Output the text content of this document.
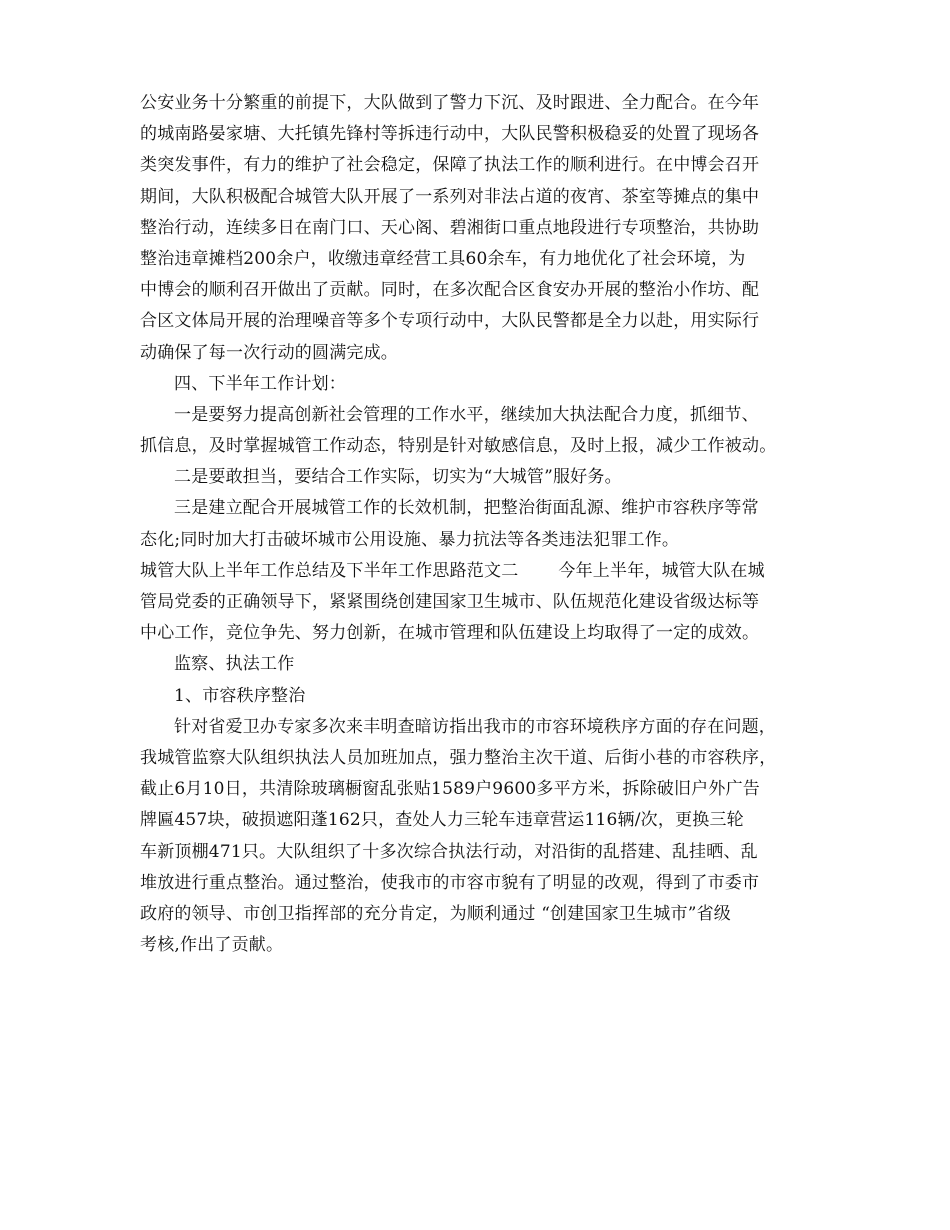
公安业务十分繁重的前提下，大队做到了警力下沉、及时跟进、全力配合。在今年
的城南路晏家塘、大托镇先锋村等拆违行动中，大队民警积极稳妥的处置了现场各
类突发事件，有力的维护了社会稳定，保障了执法工作的顺利进行。在中博会召开
期间，大队积极配合城管大队开展了一系列对非法占道的夜宵、茶室等摊点的集中
整治行动，连续多日在南门口、天心阁、碧湘街口重点地段进行专项整治，共协助
整治违章摊档200余户，收缴违章经营工具60余车，有力地优化了社会环境，为
中博会的顺利召开做出了贡献。同时，在多次配合区食安办开展的整治小作坊、配
合区文体局开展的治理噪音等多个专项行动中，大队民警都是全力以赴，用实际行
动确保了每一次行动的圆满完成。
四、下半年工作计划：
一是要努力提高创新社会管理的工作水平，继续加大执法配合力度，抓细节、
抓信息，及时掌握城管工作动态，特别是针对敏感信息，及时上报，减少工作被动。
二是要敢担当，要结合工作实际，切实为“大城管”服好务。
三是建立配合开展城管工作的长效机制，把整治街面乱源、维护市容秩序等常
态化;同时加大打击破坏城市公用设施、暴力抗法等各类违法犯罪工作。
城管大队上半年工作总结及下半年工作思路范文二 今年上半年，城管大队在城
管局党委的正确领导下，紧紧围绕创建国家卫生城市、队伍规范化建设省级达标等
中心工作，竞位争先、努力创新，在城市管理和队伍建设上均取得了一定的成效。
监察、执法工作
1、市容秩序整治
针对省爱卫办专家多次来丰明查暗访指出我市的市容环境秩序方面的存在问题，
我城管监察大队组织执法人员加班加点，强力整治主次干道、后街小巷的市容秩序，
截止6月10日，共清除玻璃橱窗乱张贴1589户9600多平方米，拆除破旧户外广告
牌匾457块，破损遮阳蓬162只，查处人力三轮车违章营运116辆/次，更换三轮
车新顶棚471只。大队组织了十多次综合执法行动，对沿街的乱搭建、乱挂晒、乱
堆放进行重点整治。通过整治，使我市的市容市貌有了明显的改观，得到了市委市
政府的领导、市创卫指挥部的充分肯定，为顺利通过 “创建国家卫生城市”省级
考核,作出了贡献。
